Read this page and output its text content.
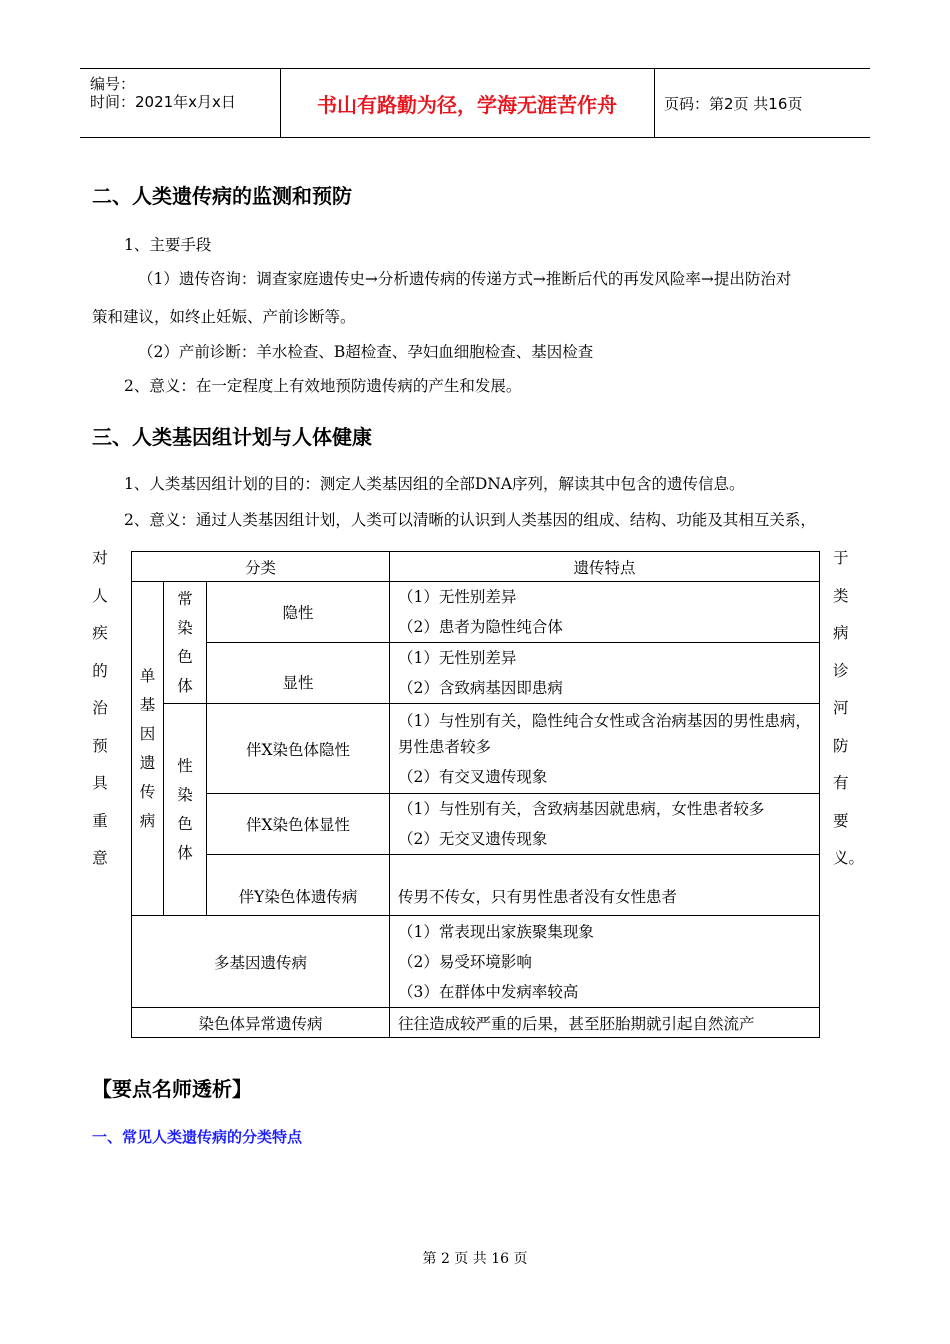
编号：
时间：2021年x月x日	书山有路勤为径，学海无涯苦作舟	页码：第2页 共16页
二、人类遗传病的监测和预防
1、主要手段
（1）遗传咨询：调查家庭遗传史→分析遗传病的传递方式→推断后代的再发风险率→提出防治对
策和建议，如终止妊娠、产前诊断等。
（2）产前诊断：羊水检查、B超检查、孕妇血细胞检查、基因检查
2、意义：在一定程度上有效地预防遗传病的产生和发展。
三、人类基因组计划与人体健康
1、人类基因组计划的目的：测定人类基因组的全部DNA序列，解读其中包含的遗传信息。
2、意义：通过人类基因组计划，人类可以清晰的认识到人类基因的组成、结构、功能及其相互关系，
对
人
疾
的
治
预
具
重
意
于
类
病
诊
河
防
有
要
义。
分类			遗传特点
单基因遗传病	常染色体	隐性	（1）无性别差异
（2）患者为隐性纯合体

		显性	（1）无性别差异
（2）含致病基因即患病

	性染色体	伴X染色体隐性	（1）与性别有关，隐性纯合女性或含治病基因的男性患病，男性患者较多
（2）有交叉遗传现象

		伴X染色体显性	（1）与性别有关，含致病基因就患病，女性患者较多
（2）无交叉遗传现象

		伴Y染色体遗传病	传男不传女，只有男性患者没有女性患者
多基因遗传病			（1）常表现出家族聚集现象
（2）易受环境影响
（3）在群体中发病率较高

染色体异常遗传病			往往造成较严重的后果，甚至胚胎期就引起自然流产
【要点名师透析】
一、常见人类遗传病的分类特点
第 2 页 共 16 页
